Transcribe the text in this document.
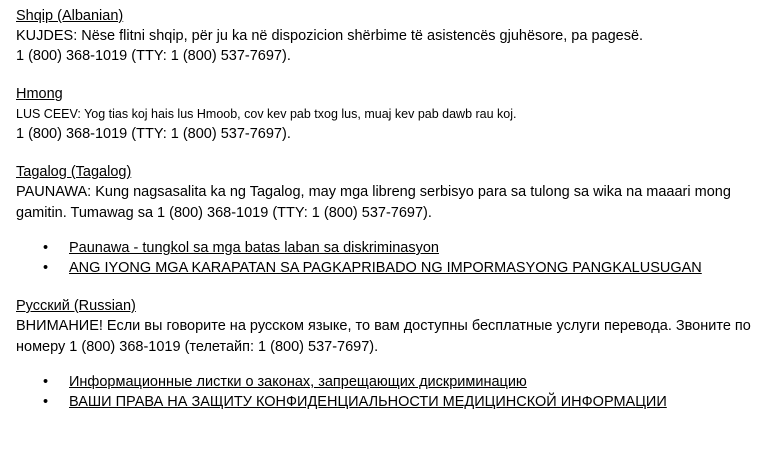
Shqip (Albanian)
KUJDES: Nëse flitni shqip, për ju ka në dispozicion shërbime të asistencës gjuhësore, pa pagesë.
1 (800) 368-1019 (TTY: 1 (800) 537-7697).
Hmong
LUS CEEV: Yog tias koj hais lus Hmoob, cov kev pab txog lus, muaj kev pab dawb rau koj.
1 (800) 368-1019 (TTY: 1 (800) 537-7697).
Tagalog (Tagalog)
PAUNAWA: Kung nagsasalita ka ng Tagalog, may mga libreng serbisyo para sa tulong sa wika na maaari mong gamitin. Tumawag sa 1 (800) 368-1019 (TTY: 1 (800) 537-7697).
• Paunawa - tungkol sa mga batas laban sa diskriminasyon
• ANG IYONG MGA KARAPATAN SA PAGKAPRIBADO NG IMPORMASYONG PANGKALUSUGAN
Русский (Russian)
ВНИМАНИЕ! Если вы говорите на русском языке, то вам доступны бесплатные услуги перевода. Звоните по номеру 1 (800) 368-1019 (телетайп: 1 (800) 537-7697).
• Информационные листки о законах, запрещающих дискриминацию
• ВАШИ ПРАВА НА ЗАЩИТУ КОНФИДЕНЦИАЛЬНОСТИ МЕДИЦИНСКОЙ ИНФОРМАЦИИ
